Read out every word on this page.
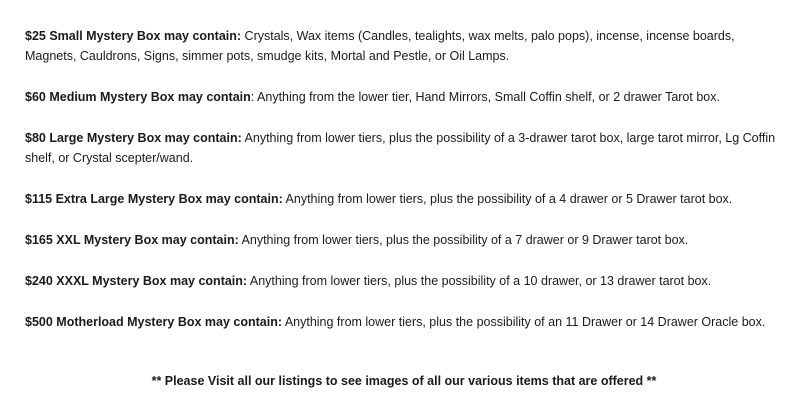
$25 Small Mystery Box may contain: Crystals, Wax items (Candles, tealights, wax melts, palo pops), incense, incense boards, Magnets, Cauldrons, Signs, simmer pots, smudge kits, Mortal and Pestle, or Oil Lamps.

$60 Medium Mystery Box may contain: Anything from the lower tier, Hand Mirrors, Small Coffin shelf, or 2 drawer Tarot box.

$80 Large Mystery Box may contain: Anything from lower tiers, plus the possibility of a 3-drawer tarot box, large tarot mirror, Lg Coffin shelf, or Crystal scepter/wand.

$115 Extra Large Mystery Box may contain: Anything from lower tiers, plus the possibility of a 4 drawer or 5 Drawer tarot box.

$165 XXL Mystery Box may contain: Anything from lower tiers, plus the possibility of a 7 drawer or 9 Drawer tarot box.

$240 XXXL Mystery Box may contain: Anything from lower tiers, plus the possibility of a 10 drawer, or 13 drawer tarot box.

$500 Motherload Mystery Box may contain: Anything from lower tiers, plus the possibility of an 11 Drawer or 14 Drawer Oracle box.

** Please Visit all our listings to see images of all our various items that are offered **
